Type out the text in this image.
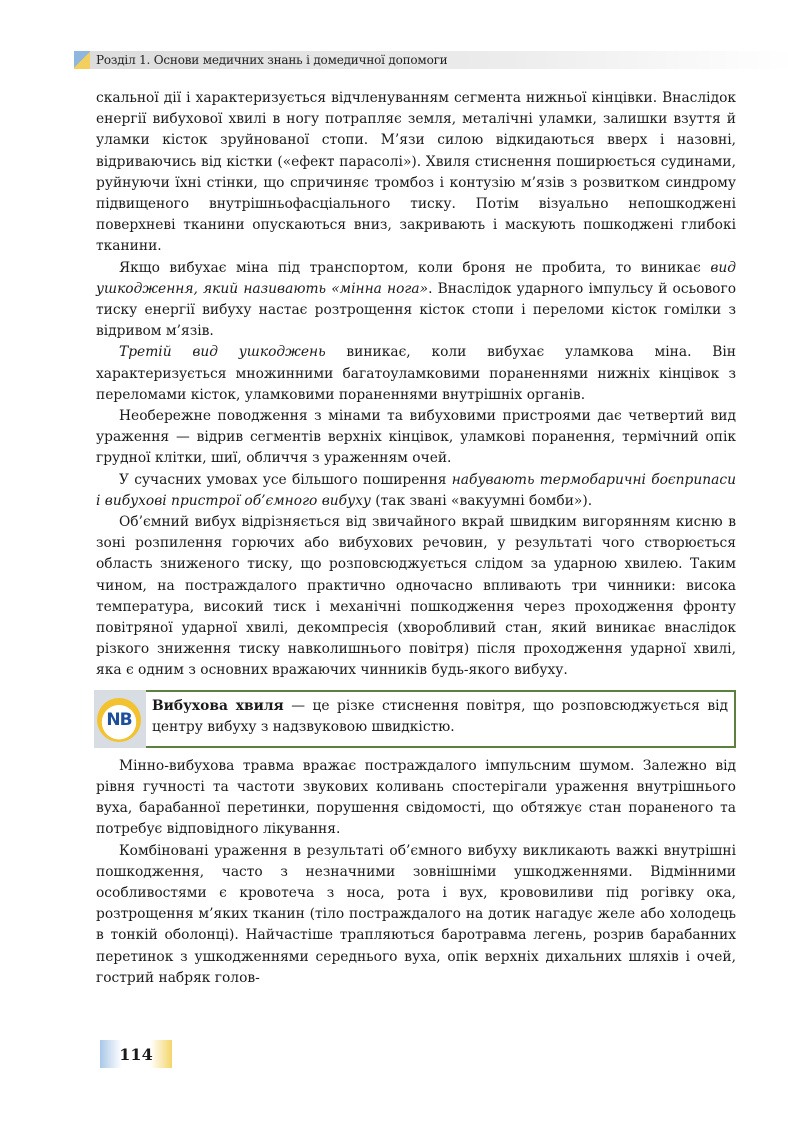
Розділ 1. Основи медичних знань і домедичної допомоги

скальної дії і характеризується відчленуванням сегмента нижньої кінцівки. Внаслідок енергії вибухової хвилі в ногу потрапляє земля, металічні уламки, залишки взуття й уламки кісток зруйнованої стопи. М’язи силою відкидаються вверх і назовні, відриваючись від кістки («ефект парасолі»). Хвиля стиснення поширюється судинами, руйнуючи їхні стінки, що спричиняє тромбоз і контузію м’язів з розвитком синдрому підвищеного внутрішньофасціального тиску. Потім візуально непошкоджені поверхневі тканини опускаються вниз, закривають і маскують пошкоджені глибокі тканини.

Якщо вибухає міна під транспортом, коли броня не пробита, то виникає вид ушкодження, який називають «мінна нога». Внаслідок ударного імпульсу й осьового тиску енергії вибуху настає розтрощення кісток стопи і переломи кісток гомілки з відривом м’язів.

Третій вид ушкоджень виникає, коли вибухає уламкова міна. Він характеризується множинними багатоуламковими пораненнями нижніх кінцівок з переломами кісток, уламковими пораненнями внутрішніх органів.

Необережне поводження з мінами та вибуховими пристроями дає четвертий вид ураження — відрив сегментів верхніх кінцівок, уламкові поранення, термічний опік грудної клітки, шиї, обличчя з ураженням очей.

У сучасних умовах усе більшого поширення набувають термобаричні боєприпаси і вибухові пристрої об’ємного вибуху (так звані «вакуумні бомби»).

Об’ємний вибух відрізняється від звичайного вкрай швидким вигорянням кисню в зоні розпилення горючих або вибухових речовин, у результаті чого створюється область зниженого тиску, що розповсюджується слідом за ударною хвилею. Таким чином, на постраждалого практично одночасно впливають три чинники: висока температура, високий тиск і механічні пошкодження через проходження фронту повітряної ударної хвилі, декомпресія (хворобливий стан, який виникає внаслідок різкого зниження тиску навколишнього повітря) після проходження ударної хвилі, яка є одним з основних вражаючих чинників будь-якого вибуху.

NB

Вибухова хвиля — це різке стиснення повітря, що розповсюджується від центру вибуху з надзвуковою швидкістю.

Мінно-вибухова травма вражає постраждалого імпульсним шумом. Залежно від рівня гучності та частоти звукових коливань спостерігали ураження внутрішнього вуха, барабанної перетинки, порушення свідомості, що обтяжує стан пораненого та потребує відповідного лікування.

Комбіновані ураження в результаті об’ємного вибуху викликають важкі внутрішні пошкодження, часто з незначними зовнішніми ушкодженнями. Відмінними особливостями є кровотеча з носа, рота і вух, крововиливи під рогівку ока, розтрощення м’яких тканин (тіло постраждалого на дотик нагадує желе або холодець в тонкій оболонці). Найчастіше трапляються баротравма легень, розрив барабанних перетинок з ушкодженнями середнього вуха, опік верхніх дихальних шляхів і очей, гострий набряк голов-

114
